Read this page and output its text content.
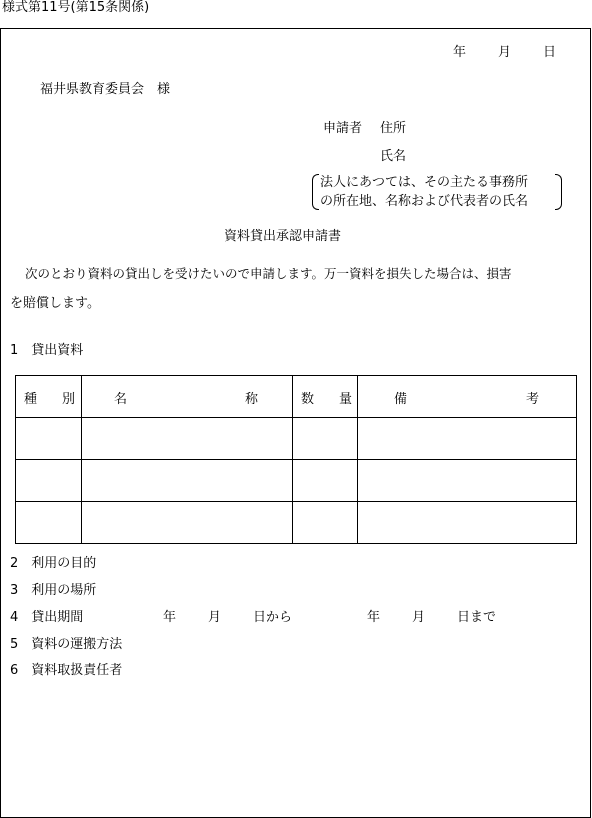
様式第11号(第15条関係)
年 月 日
福井県教育委員会　様
申請者 住所
氏名
法人にあつては、その主たる事務所
の所在地、名称および代表者の氏名
資料貸出承認申請書
次のとおり資料の貸出しを受けたいので申請します。万一資料を損失した場合は、損害
を賠償します。
1　貸出資料
種 別	名 称	数 量	備 考

2　利用の目的
3　利用の場所
4　貸出期間	年 月 日から	年 月 日まで
5　資料の運搬方法
6　資料取扱責任者
